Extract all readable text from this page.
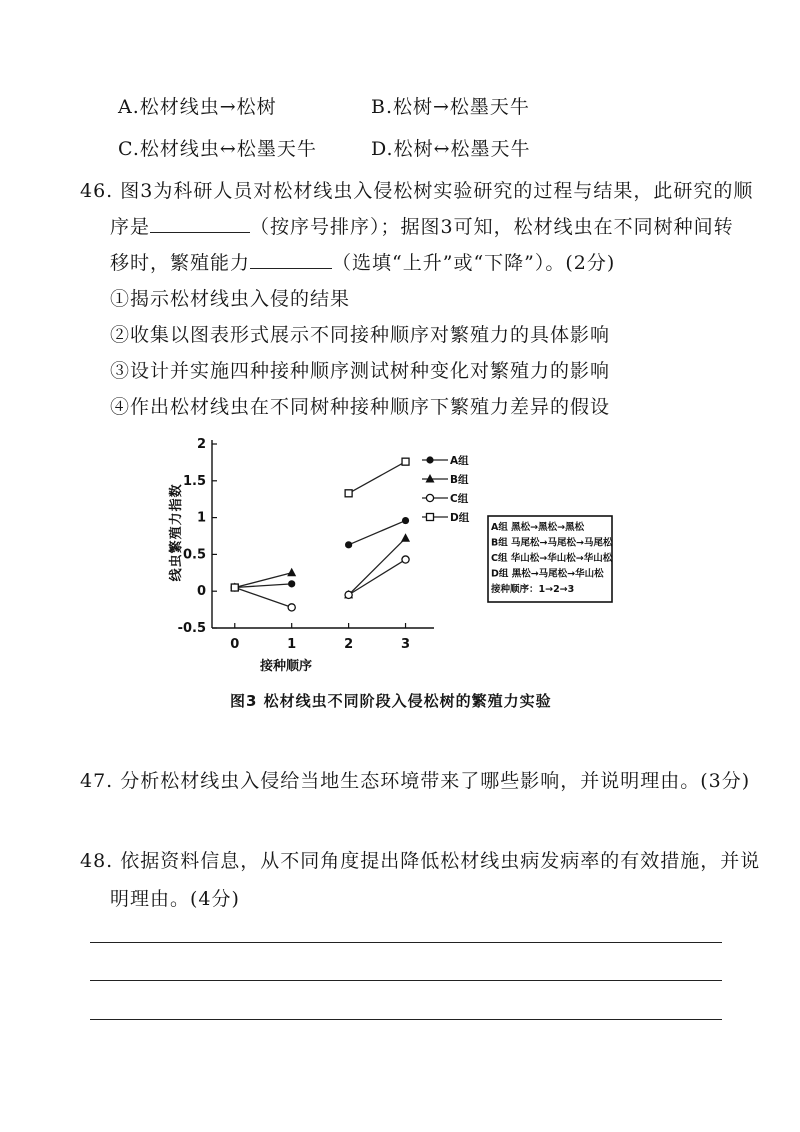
A.松材线虫→松树	B.松树→松墨天牛
C.松材线虫↔松墨天牛	D.松树↔松墨天牛
46. 图3为科研人员对松材线虫入侵松树实验研究的过程与结果，此研究的顺
序是	（按序号排序）；据图3可知，松材线虫在不同树种间转
移时，繁殖能力	（选填“上升”或“下降”）。(2分)
①揭示松材线虫入侵的结果
②收集以图表形式展示不同接种顺序对繁殖力的具体影响
③设计并实施四种接种顺序测试树种变化对繁殖力的影响
④作出松材线虫在不同树种接种顺序下繁殖力差异的假设
2
1.5
1
0.5
0
-0.5
0	1	2	3
A组
B组
C组
D组
A组 黑松→黑松→黑松
B组 马尾松→马尾松→马尾松
C组 华山松→华山松→华山松
D组 黑松→马尾松→华山松
接种顺序：1→2→3
线虫繁殖力指数
接种顺序
图3 松材线虫不同阶段入侵松树的繁殖力实验
47. 分析松材线虫入侵给当地生态环境带来了哪些影响，并说明理由。(3分)
48. 依据资料信息，从不同角度提出降低松材线虫病发病率的有效措施，并说
明理由。(4分)
